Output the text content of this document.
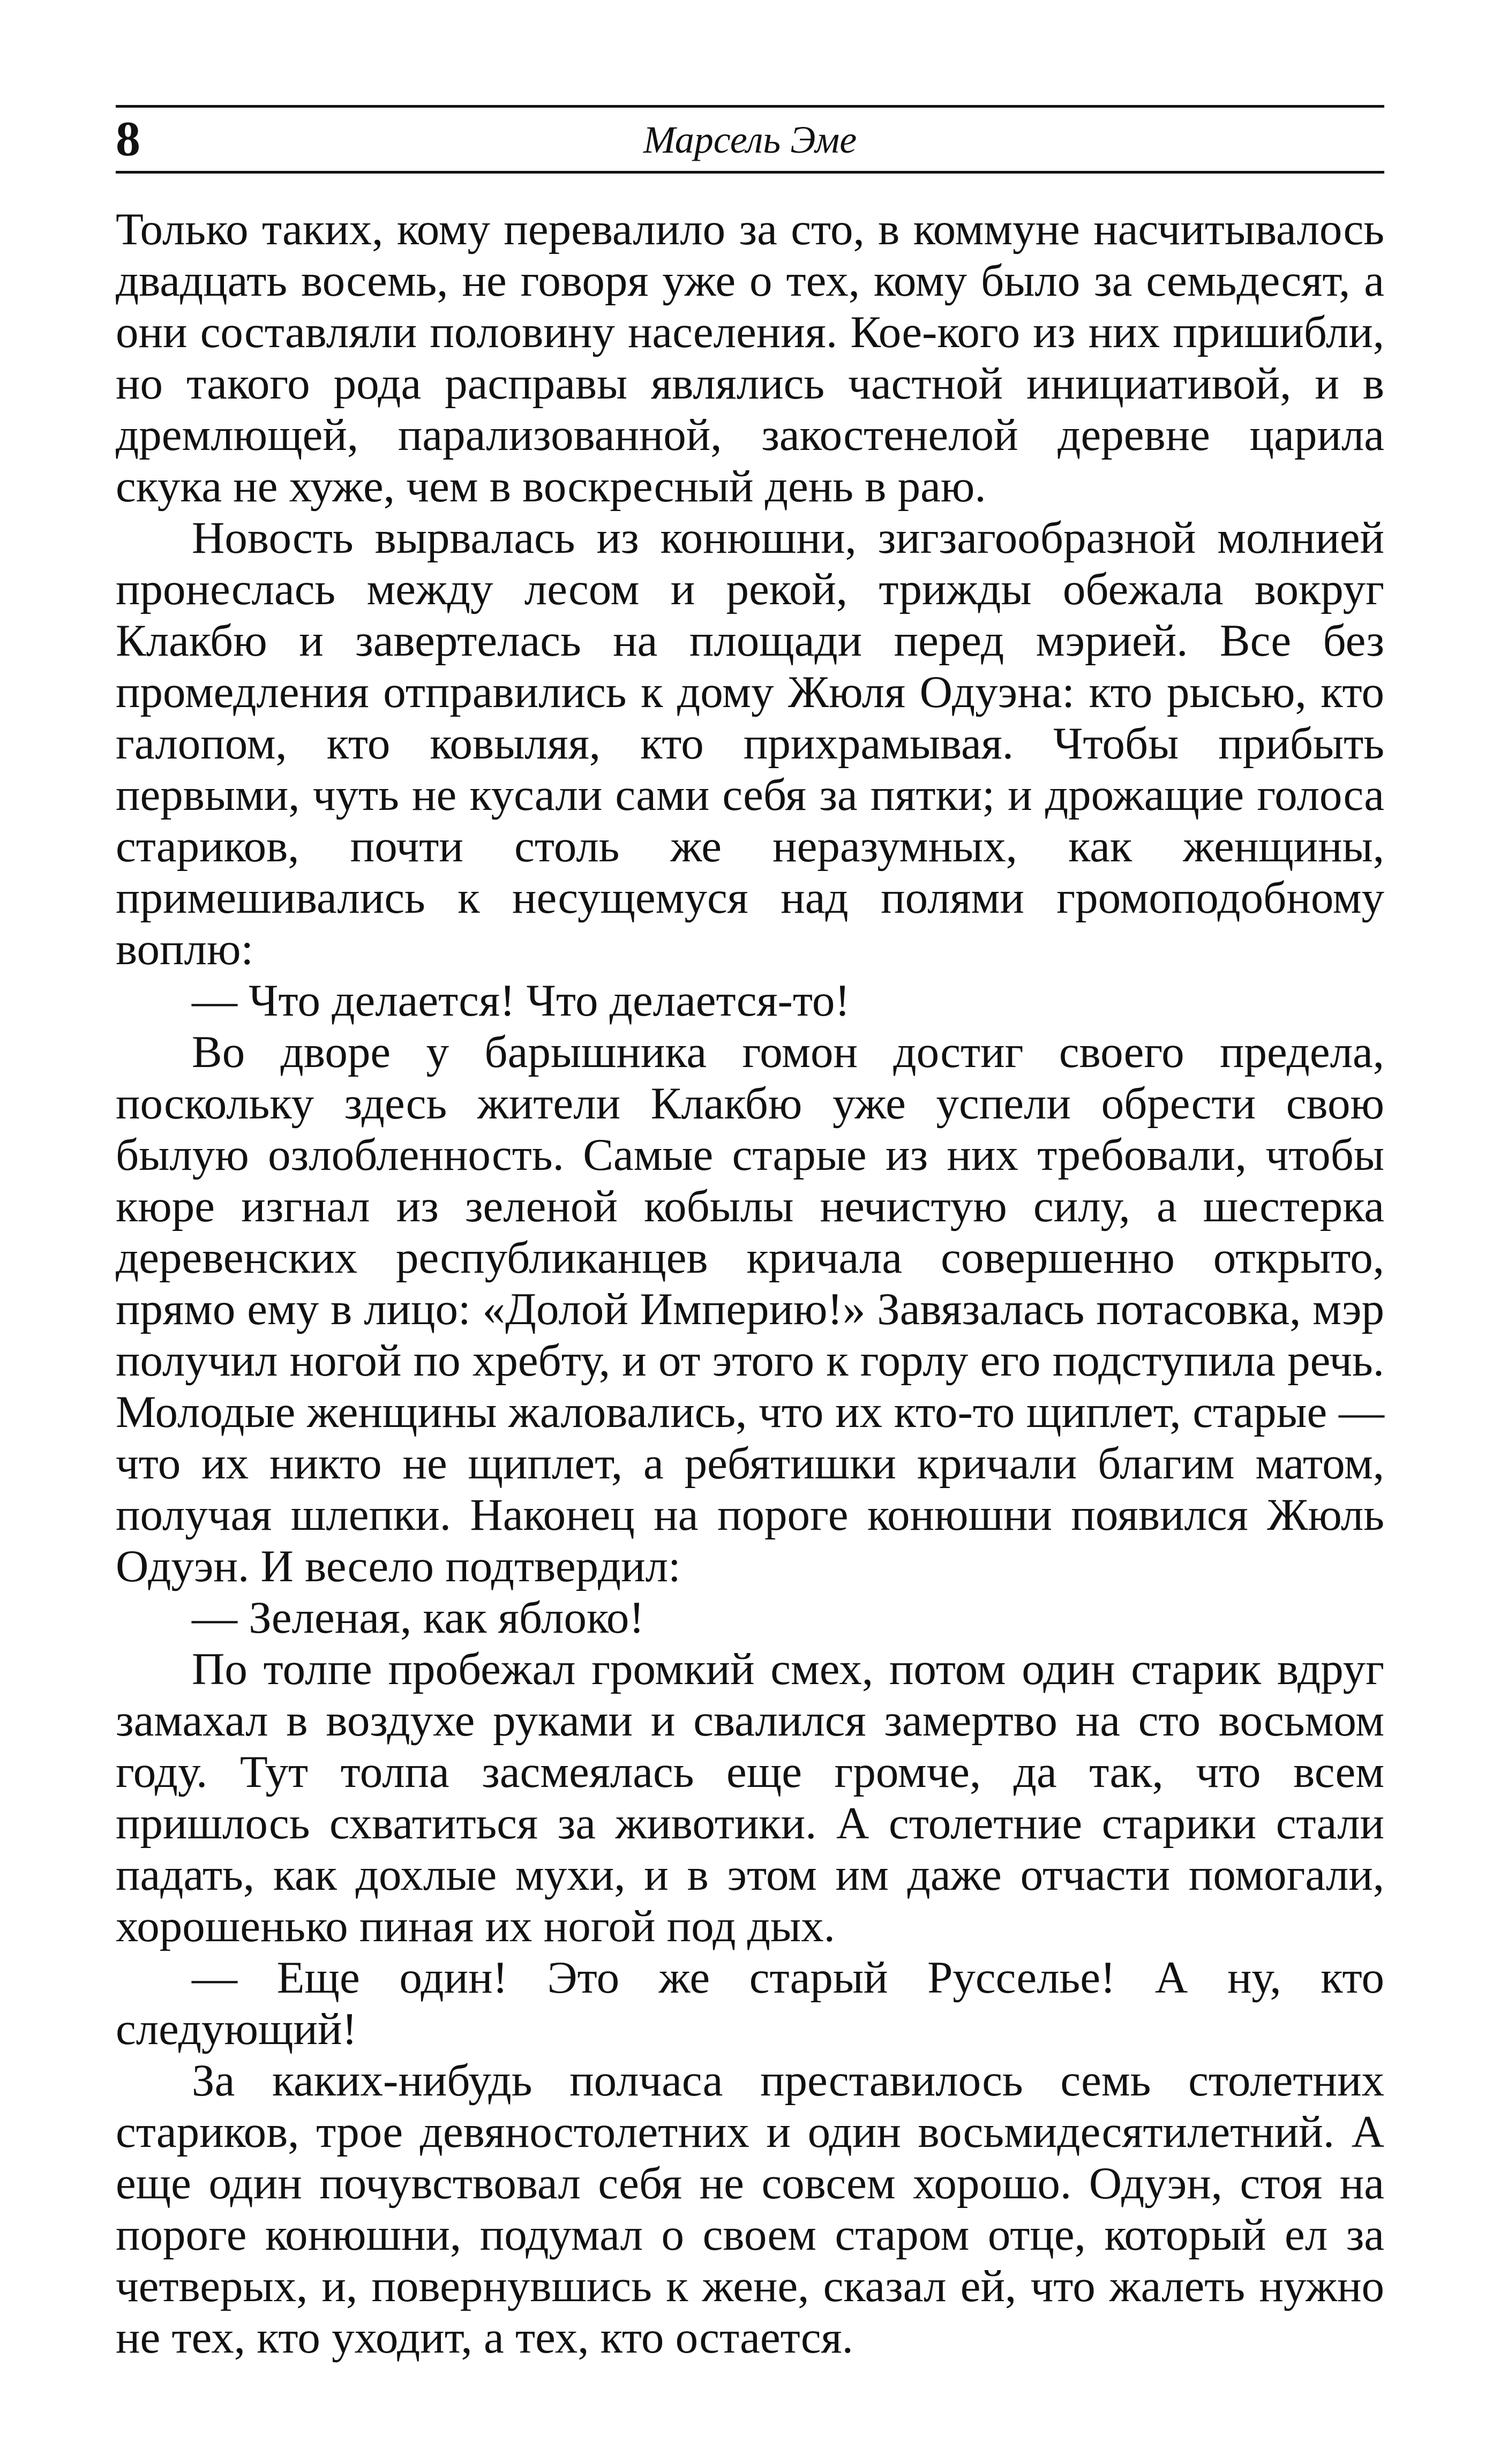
8	Марсель Эме

Только таких, кому перевалило за сто, в коммуне насчитывалось двадцать восемь, не говоря уже о тех, кому было за семьдесят, а они составляли половину населения. Кое-кого из них пришибли, но такого рода расправы являлись частной инициативой, и в дремлющей, парализованной, закостенелой деревне царила скука не хуже, чем в воскресный день в раю.

Новость вырвалась из конюшни, зигзагообразной молнией пронеслась между лесом и рекой, трижды обежала вокруг Клакбю и завертелась на площади перед мэрией. Все без промедления отправились к дому Жюля Одуэна: кто рысью, кто галопом, кто ковыляя, кто прихрамывая. Чтобы прибыть первыми, чуть не кусали сами себя за пятки; и дрожащие голоса стариков, почти столь же неразумных, как женщины, примешивались к несущемуся над полями громоподобному воплю:

— Что делается! Что делается-то!

Во дворе у барышника гомон достиг своего предела, поскольку здесь жители Клакбю уже успели обрести свою былую озлобленность. Самые старые из них требовали, чтобы кюре изгнал из зеленой кобылы нечистую силу, а шестерка деревенских республиканцев кричала совершенно открыто, прямо ему в лицо: «Долой Империю!» Завязалась потасовка, мэр получил ногой по хребту, и от этого к горлу его подступила речь. Молодые женщины жаловались, что их кто-то щиплет, старые — что их никто не щиплет, а ребятишки кричали благим матом, получая шлепки. Наконец на пороге конюшни появился Жюль Одуэн. И весело подтвердил:

— Зеленая, как яблоко!

По толпе пробежал громкий смех, потом один старик вдруг замахал в воздухе руками и свалился замертво на сто восьмом году. Тут толпа засмеялась еще громче, да так, что всем пришлось схватиться за животики. А столетние старики стали падать, как дохлые мухи, и в этом им даже отчасти помогали, хорошенько пиная их ногой под дых.

— Еще один! Это же старый Русселье! А ну, кто следующий!

За каких-нибудь полчаса преставилось семь столетних стариков, трое девяностолетних и один восьмидесятилетний. А еще один почувствовал себя не совсем хорошо. Одуэн, стоя на пороге конюшни, подумал о своем старом отце, который ел за четверых, и, повернувшись к жене, сказал ей, что жалеть нужно не тех, кто уходит, а тех, кто остается.
